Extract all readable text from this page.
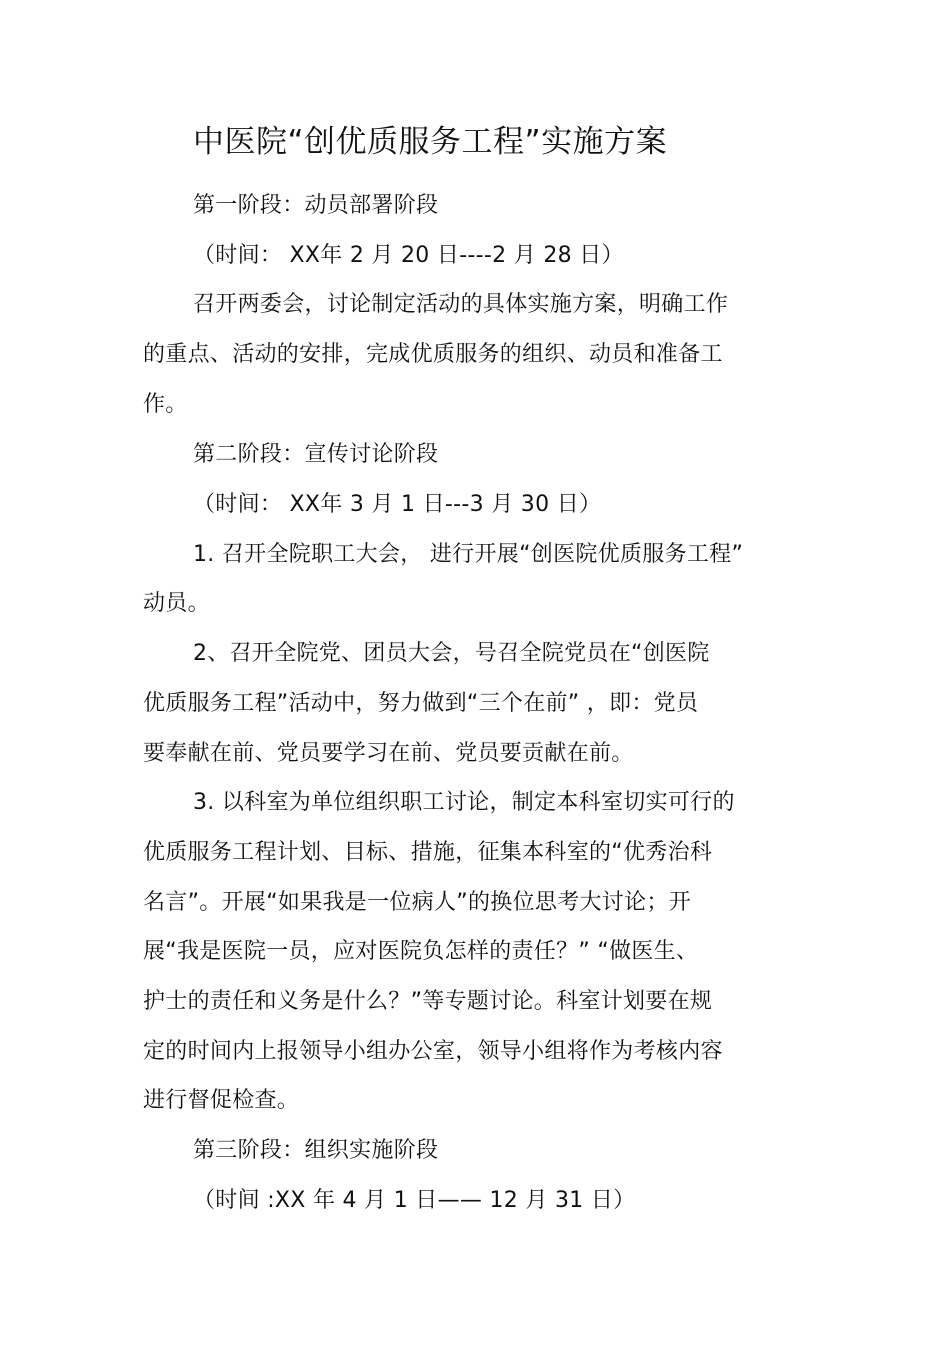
中医院“创优质服务工程”实施方案
第一阶段：动员部署阶段
（时间： XX年 2 月 20 日----2 月 28 日）
召开两委会，讨论制定活动的具体实施方案，明确工作
的重点、活动的安排，完成优质服务的组织、动员和准备工
作。
第二阶段：宣传讨论阶段
（时间： XX年 3 月 1 日---3 月 30 日）
1. 召开全院职工大会， 进行开展“创医院优质服务工程”
动员。
2、召开全院党、团员大会，号召全院党员在“创医院
优质服务工程”活动中，努力做到“三个在前” ，即：党员
要奉献在前、党员要学习在前、党员要贡献在前。
3. 以科室为单位组织职工讨论，制定本科室切实可行的
优质服务工程计划、目标、措施，征集本科室的“优秀治科
名言”。开展“如果我是一位病人”的换位思考大讨论；开
展“我是医院一员，应对医院负怎样的责任？” “做医生、
护士的责任和义务是什么？”等专题讨论。科室计划要在规
定的时间内上报领导小组办公室，领导小组将作为考核内容
进行督促检查。
第三阶段：组织实施阶段
（时间 :XX 年 4 月 1 日—— 12 月 31 日）
